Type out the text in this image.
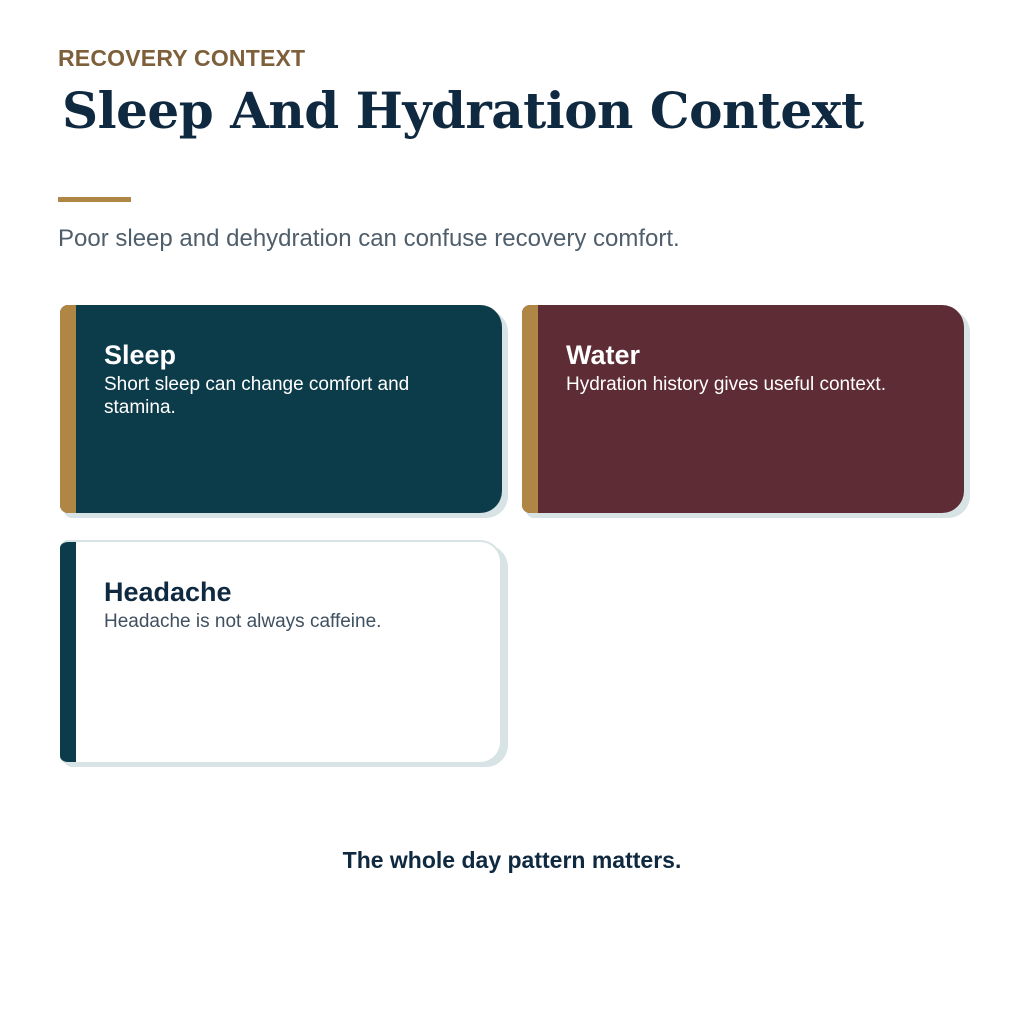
RECOVERY CONTEXT

Sleep And Hydration Context

Poor sleep and dehydration can confuse recovery comfort.

Sleep

Short sleep can change comfort and stamina.

Water

Hydration history gives useful context.

Headache

Headache is not always caffeine.

The whole day pattern matters.
